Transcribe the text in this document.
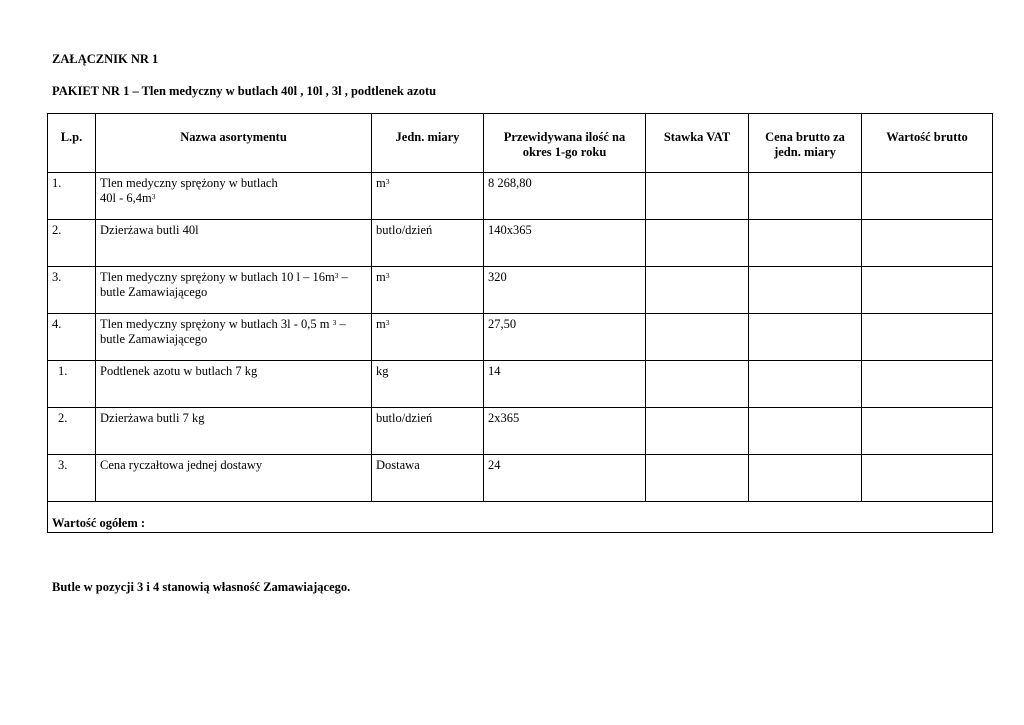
ZAŁĄCZNIK NR 1
PAKIET NR 1 – Tlen medyczny w butlach 40l , 10l , 3l , podtlenek azotu
L.p.	Nazwa asortymentu	Jedn. miary	Przewidywana ilość na okres 1-go roku	Stawka VAT	Cena brutto za jedn. miary	Wartość brutto
1.	Tlen medyczny sprężony w butlach
$40l - 6,4m^3$	$m^3$	8 268,80			
2.	Dzierżawa butli 40l	butlo/dzień	140x365			
3.	Tlen medyczny sprężony w butlach 10 l – $16m^3$ –
butle Zamawiającego	$m^3$	320			
4.	Tlen medyczny sprężony w butlach 3l - 0,5 m $^3$ –
butle Zamawiającego	$m^3$	27,50			
1.	Podtlenek azotu w butlach 7 kg	kg	14			
2.	Dzierżawa butli 7 kg	butlo/dzień	2x365			
3.	Cena ryczałtowa jednej dostawy	Dostawa	24			
Wartość ogółem :						
Butle w pozycji 3 i 4 stanowią własność Zamawiającego.
